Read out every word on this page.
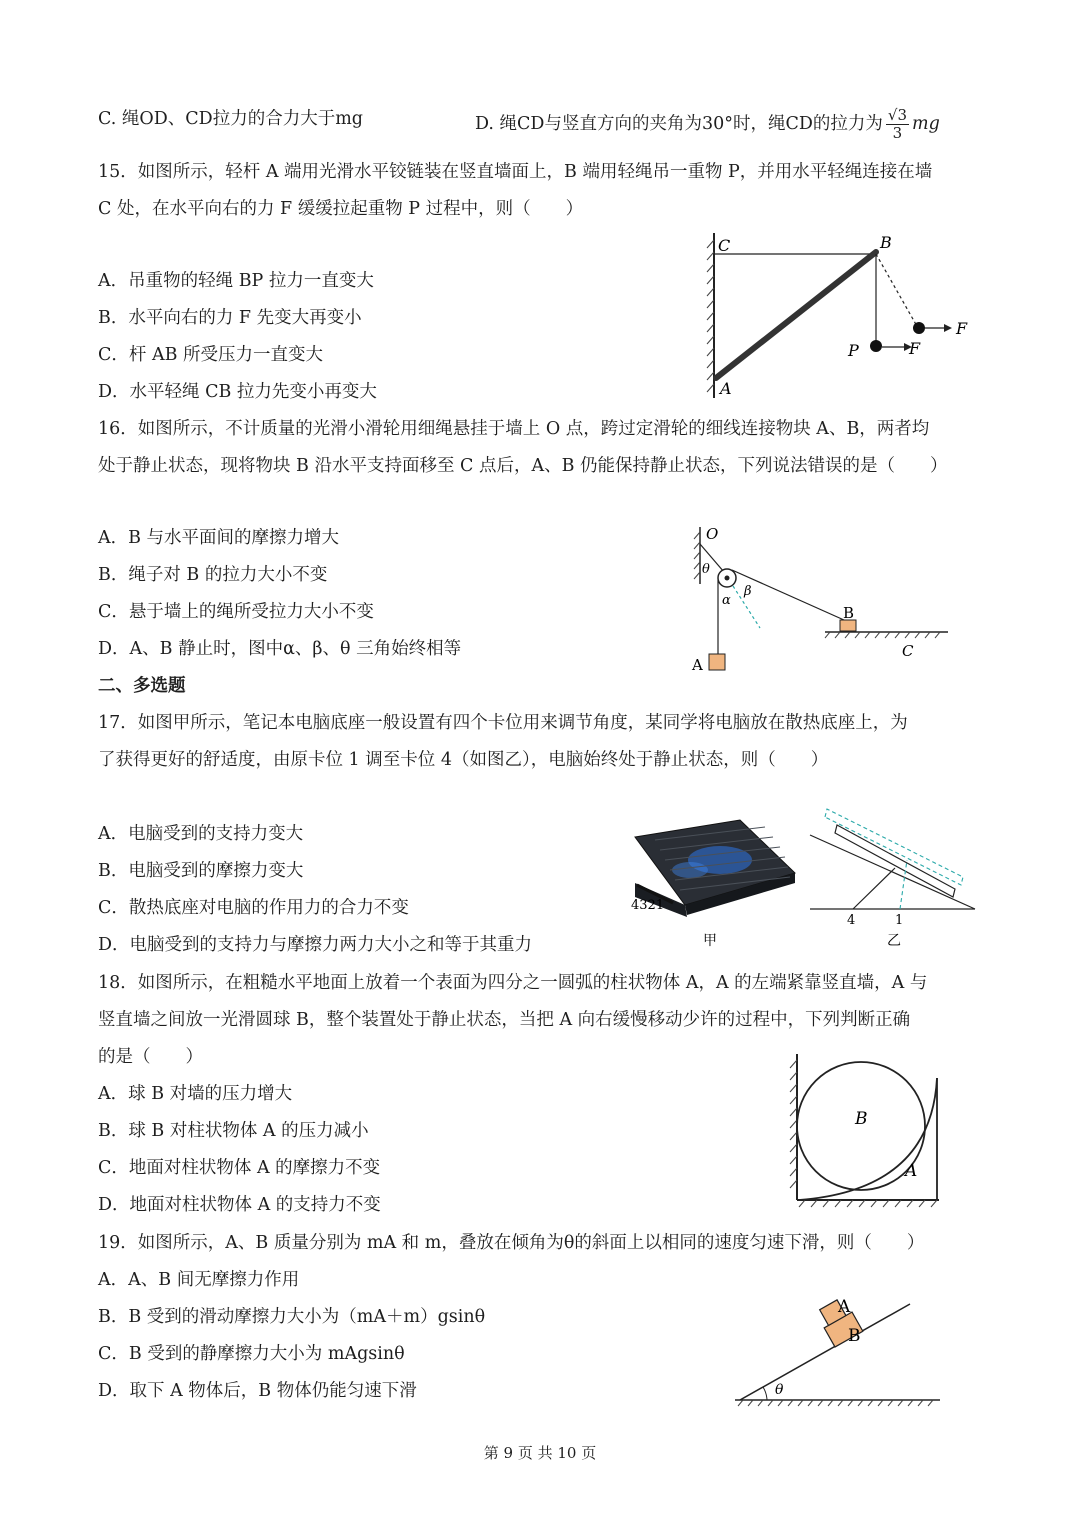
C. 绳OD、CD拉力的合力大于mg	D. 绳CD与竖直方向的夹角为30°时，绳CD的拉力为 $\frac{√3}{3}$ mg
15．如图所示，轻杆 A 端用光滑水平铰链装在竖直墙面上，B 端用轻绳吊一重物 P，并用水平轻绳连接在墙
C 处，在水平向右的力 F 缓缓拉起重物 P 过程中，则（　　）
A．吊重物的轻绳 BP 拉力一直变大
B．水平向右的力 F 先变大再变小
C．杆 AB 所受压力一直变大
D．水平轻绳 CB 拉力先变小再变大
C	B
P
A
F
F
16．如图所示，不计质量的光滑小滑轮用细绳悬挂于墙上 O 点，跨过定滑轮的细线连接物块 A、B，两者均
处于静止状态，现将物块 B 沿水平支持面移至 C 点后，A、B 仍能保持静止状态，下列说法错误的是（　　）
A．B 与水平面间的摩擦力增大
B．绳子对 B 的拉力大小不变
C．悬于墙上的绳所受拉力大小不变
D．A、B 静止时，图中α、β、θ 三角始终相等
O
θ
α
β
A
B
C
二、多选题
17．如图甲所示，笔记本电脑底座一般设置有四个卡位用来调节角度，某同学将电脑放在散热底座上，为
了获得更好的舒适度，由原卡位 1 调至卡位 4（如图乙），电脑始终处于静止状态，则（　　）
A．电脑受到的支持力变大
B．电脑受到的摩擦力变大
C．散热底座对电脑的作用力的合力不变
D．电脑受到的支持力与摩擦力两力大小之和等于其重力
4321
甲
4	1
乙
18．如图所示，在粗糙水平地面上放着一个表面为四分之一圆弧的柱状物体 A，A 的左端紧靠竖直墙，A 与
竖直墙之间放一光滑圆球 B，整个装置处于静止状态，当把 A 向右缓慢移动少许的过程中，下列判断正确
的是（　　）
A．球 B 对墙的压力增大
B．球 B 对柱状物体 A 的压力减小
C．地面对柱状物体 A 的摩擦力不变
D．地面对柱状物体 A 的支持力不变
B
A
19．如图所示，A、B 质量分别为 mA 和 m，叠放在倾角为θ的斜面上以相同的速度匀速下滑，则（　　）
A．A、B 间无摩擦力作用
B．B 受到的滑动摩擦力大小为（mA＋m）gsinθ
C．B 受到的静摩擦力大小为 mAgsinθ
D．取下 A 物体后，B 物体仍能匀速下滑
B
A
θ
第 9 页 共 10 页
